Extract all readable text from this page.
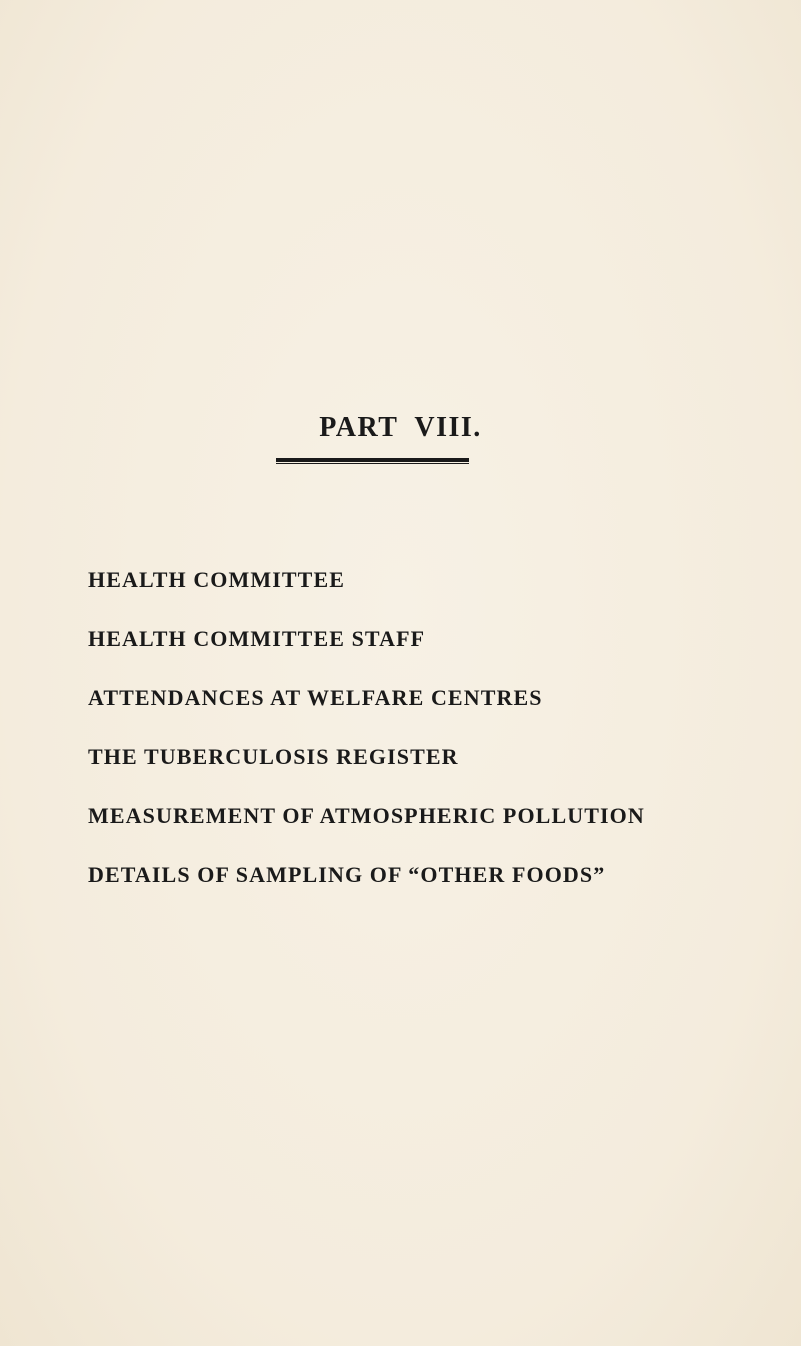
PART  VIII.
HEALTH COMMITTEE
HEALTH COMMITTEE STAFF
ATTENDANCES AT WELFARE CENTRES
THE TUBERCULOSIS REGISTER
MEASUREMENT OF ATMOSPHERIC POLLUTION
DETAILS OF SAMPLING OF “OTHER FOODS”
